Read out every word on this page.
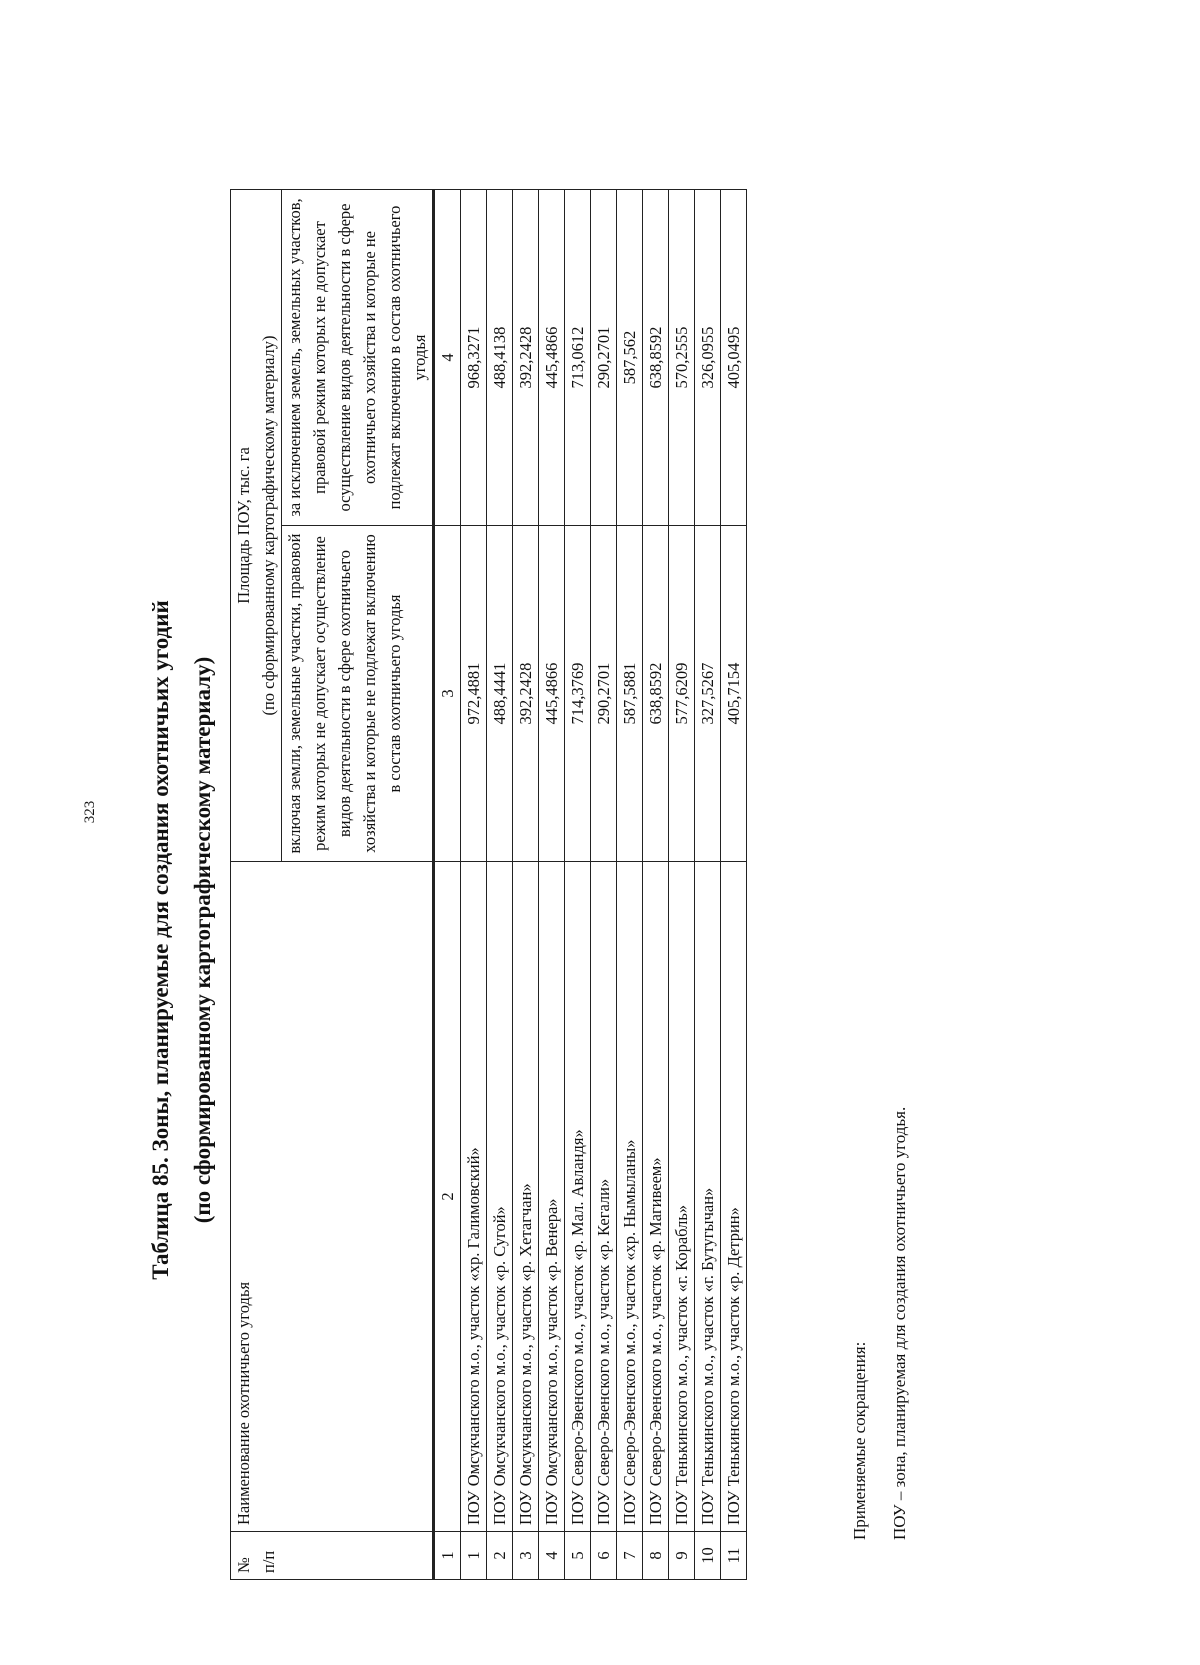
323	Таблица 85. Зоны, планируемые для создания охотничьих угодий (по сформированному картографическому материалу)
№
п/п	Наименование охотничьего угодья	Площадь ПОУ, тыс. га
(по сформированному картографическому материалу)	
		включая земли, земельные участки, правовой режим которых не допускает осуществление видов деятельности в сфере охотничьего хозяйства и которые не подлежат включению в состав охотничьего угодья	за исключением земель, земельных участков, правовой режим которых не допускает осуществление видов деятельности в сфере охотничьего хозяйства и которые не подлежат включению в состав охотничьего угодья
1	2	3	4
1	ПОУ Омсукчанского м.о., участок «хр. Галимовский»	972,4881	968,3271
2	ПОУ Омсукчанского м.о., участок «р. Сугой»	488,4441	488,4138
3	ПОУ Омсукчанского м.о., участок «р. Хетагчан»	392,2428	392,2428
4	ПОУ Омсукчанского м.о., участок «р. Венера»	445,4866	445,4866
5	ПОУ Северо-Эвенского м.о., участок «р. Мал. Авландя»	714,3769	713,0612
6	ПОУ Северо-Эвенского м.о., участок «р. Кегали»	290,2701	290,2701
7	ПОУ Северо-Эвенского м.о., участок «хр. Нымыланы»	587,5881	587,562
8	ПОУ Северо-Эвенского м.о., участок «р. Магивеем»	638,8592	638,8592
9	ПОУ Тенькинского м.о., участок «г. Корабль»	577,6209	570,2555
10	ПОУ Тенькинского м.о., участок «г. Бутугычан»	327,5267	326,0955
11	ПОУ Тенькинского м.о., участок «р. Детрин»	405,7154	405,0495
Применяемые сокращения:	ПОУ – зона, планируемая для создания охотничьего угодья.
